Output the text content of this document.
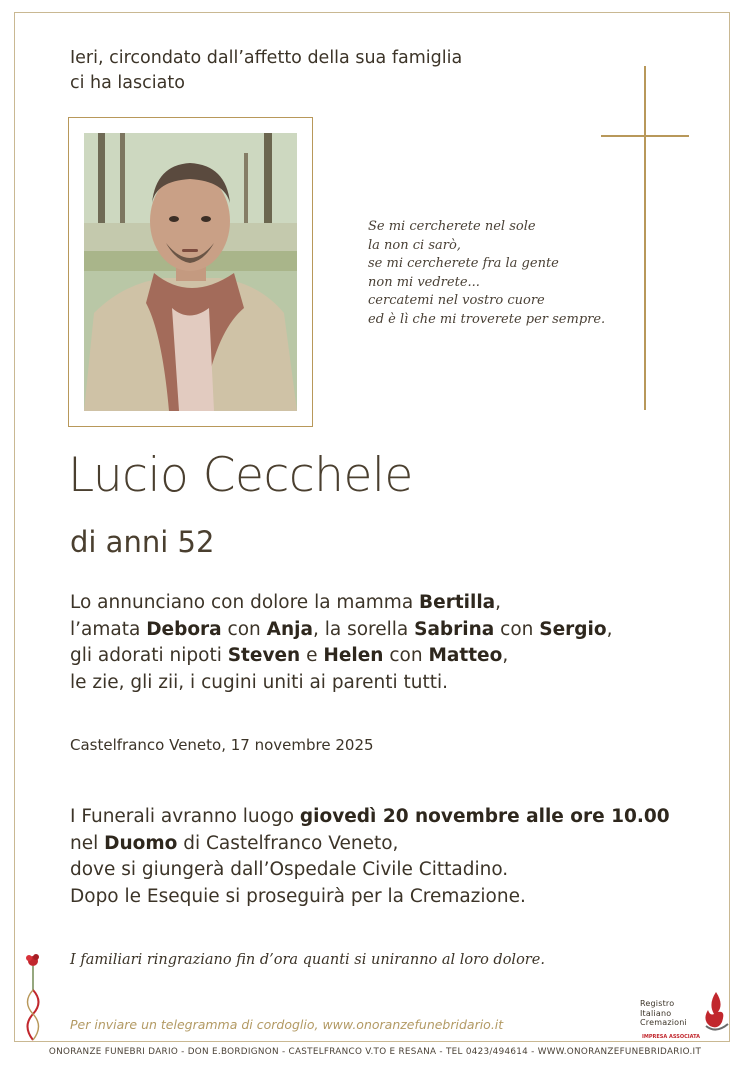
Ieri, circondato dall’affetto della sua famiglia
ci ha lasciato
Se mi cercherete nel sole
la non ci sarò,
se mi cercherete fra la gente
non mi vedrete...
cercatemi nel vostro cuore
ed è lì che mi troverete per sempre.
Lucio Cecchele
di anni 52
Lo annunciano con dolore la mamma Bertilla,
l’amata Debora con Anja, la sorella Sabrina con Sergio,
gli adorati nipoti Steven e Helen con Matteo,
le zie, gli zii, i cugini uniti ai parenti tutti.
Castelfranco Veneto, 17 novembre 2025
I Funerali avranno luogo giovedì 20 novembre alle ore 10.00
nel Duomo di Castelfranco Veneto,
dove si giungerà dall’Ospedale Civile Cittadino.
Dopo le Esequie si proseguirà per la Cremazione.
I familiari ringraziano fin d’ora quanti si uniranno al loro dolore.
Per inviare un telegramma di cordoglio, www.onoranzefunebridario.it
Registro
Italiano
Cremazioni
IMPRESA ASSOCIATA
ONORANZE FUNEBRI DARIO - DON E.BORDIGNON - CASTELFRANCO V.TO E RESANA - TEL 0423/494614 - WWW.ONORANZEFUNEBRIDARIO.IT
